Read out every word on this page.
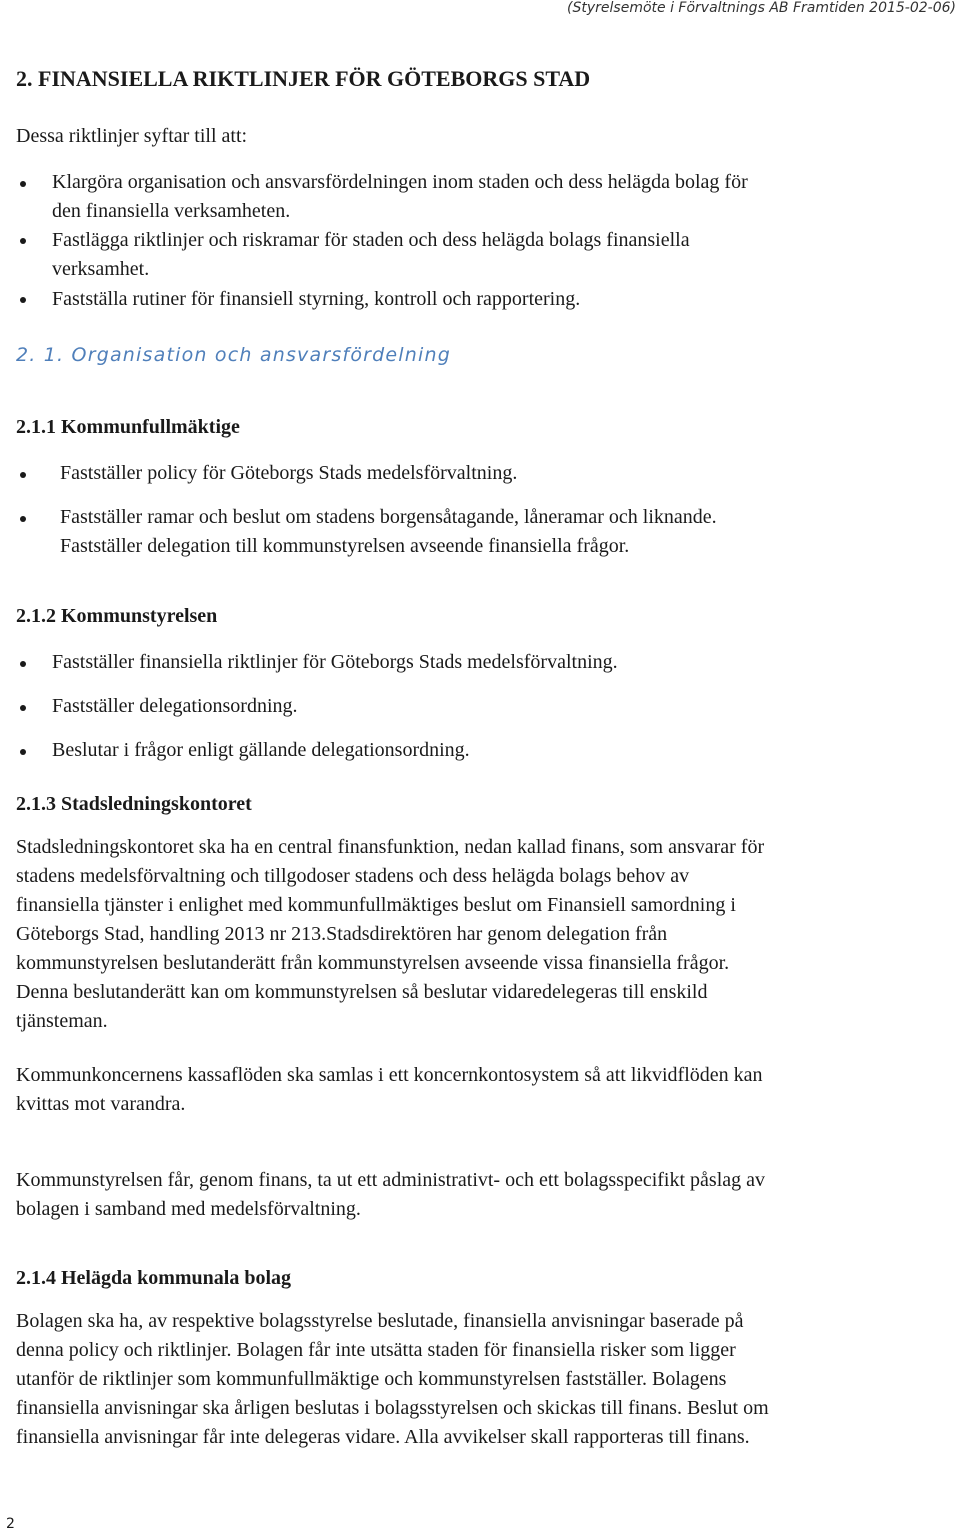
(Styrelsemöte i Förvaltnings AB Framtiden 2015-02-06)
2. FINANSIELLA RIKTLINJER FÖR GÖTEBORGS STAD
Dessa riktlinjer syftar till att:
Klargöra organisation och ansvarsfördelningen inom staden och dess helägda bolag för
den finansiella verksamheten.
Fastlägga riktlinjer och riskramar för staden och dess helägda bolags finansiella
verksamhet.
Fastställa rutiner för finansiell styrning, kontroll och rapportering.
2. 1. Organisation och ansvarsfördelning
2.1.1 Kommunfullmäktige
Fastställer policy för Göteborgs Stads medelsförvaltning.
Fastställer ramar och beslut om stadens borgensåtagande, låneramar och liknande.
Fastställer delegation till kommunstyrelsen avseende finansiella frågor.
2.1.2 Kommunstyrelsen
Fastställer finansiella riktlinjer för Göteborgs Stads medelsförvaltning.
Fastställer delegationsordning.
Beslutar i frågor enligt gällande delegationsordning.
2.1.3 Stadsledningskontoret
Stadsledningskontoret ska ha en central finansfunktion, nedan kallad finans, som ansvarar för
stadens medelsförvaltning och tillgodoser stadens och dess helägda bolags behov av
finansiella tjänster i enlighet med kommunfullmäktiges beslut om Finansiell samordning i
Göteborgs Stad, handling 2013 nr 213.Stadsdirektören har genom delegation från
kommunstyrelsen beslutanderätt från kommunstyrelsen avseende vissa finansiella frågor.
Denna beslutanderätt kan om kommunstyrelsen så beslutar vidaredelegeras till enskild
tjänsteman.
Kommunkoncernens kassaflöden ska samlas i ett koncernkontosystem så att likvidflöden kan
kvittas mot varandra.
Kommunstyrelsen får, genom finans, ta ut ett administrativt- och ett bolagsspecifikt påslag av
bolagen i samband med medelsförvaltning.
2.1.4 Helägda kommunala bolag
Bolagen ska ha, av respektive bolagsstyrelse beslutade, finansiella anvisningar baserade på
denna policy och riktlinjer. Bolagen får inte utsätta staden för finansiella risker som ligger
utanför de riktlinjer som kommunfullmäktige och kommunstyrelsen fastställer. Bolagens
finansiella anvisningar ska årligen beslutas i bolagsstyrelsen och skickas till finans. Beslut om
finansiella anvisningar får inte delegeras vidare. Alla avvikelser skall rapporteras till finans.
2
